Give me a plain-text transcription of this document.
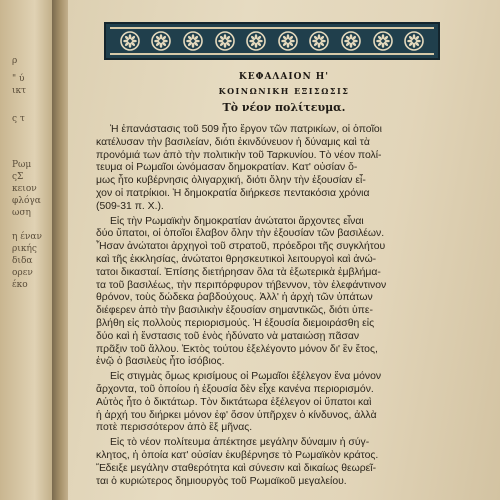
ρ
" ύ
ικτ
ς τ
Ρωμ
ςΣ
κειον
φλόγα
ωση
η έναν
ρικής
διδα
ορεν
έκο
ΚΕΦΑΛΑΙΟΝ Η'
ΚΟΙΝΩΝΙΚΗ ΕΞΙΣΩΣΙΣ
Τὸ νέον πολίτευμα.
Ἡ ἐπανάστασις τοῦ 509 ἦτο ἔργον τῶν πατρικίων, οἱ ὁποῖοι
κατέλυσαν τὴν βασιλείαν, διότι ἐκινδύνευον ἡ δύναμις καὶ τὰ
προνόμιά των ἀπὸ τὴν πολιτικὴν τοῦ Ταρκυνίου. Τὸ νέον πολί-
τευμα οἱ Ρωμαῖοι ὠνόμασαν δημοκρατίαν. Κατ' οὐσίαν ὅ-
μως ἦτο κυβέρνησις ὀλιγαρχική, διότι ὅλην τὴν ἐξουσίαν εἶ-
χον οἱ πατρίκιοι. Ἡ δημοκρατία διήρκεσε πεντακόσια χρόνια
(509-31 π. Χ.).
Εἰς τὴν Ρωμαϊκὴν δημοκρατίαν ἀνώτατοι ἄρχοντες εἶναι
δύο ὕπατοι, οἱ ὁποῖοι ἔλαβον ὅλην τὴν ἐξουσίαν τῶν βασιλέων.
Ἦσαν ἀνώτατοι ἀρχηγοὶ τοῦ στρατοῦ, πρόεδροι τῆς συγκλήτου
καὶ τῆς ἐκκλησίας, ἀνώτατοι θρησκευτικοὶ λειτουργοὶ καὶ ἀνώ-
τατοι δικασταί. Ἐπίσης διετήρησαν ὅλα τὰ ἐξωτερικὰ ἐμβλήμα-
τα τοῦ βασιλέως, τὴν περιπόρφυρον τήβεννον, τὸν ἐλεφάντινον
θρόνον, τοὺς δώδεκα ῥαβδούχους. Ἀλλ' ἡ ἀρχὴ τῶν ὑπάτων
διέφερεν ἀπὸ τὴν βασιλικὴν ἐξουσίαν σημαντικῶς, διότι ὑπε-
βλήθη εἰς πολλοὺς περιορισμούς. Ἡ ἐξουσία διεμοιράσθη εἰς
δύο καὶ ἡ ἔνστασις τοῦ ἑνὸς ἠδύνατο νὰ ματαιώσῃ πᾶσαν
πρᾶξιν τοῦ ἄλλου. Ἐκτὸς τούτου ἐξελέγοντο μόνον δι' ἓν ἔτος,
ἐνῷ ὁ βασιλεὺς ἦτο ἰσόβιος.
Εἰς στιγμὰς ὅμως κρισίμους οἱ Ρωμαῖοι ἐξέλεγον ἕνα μόνον
ἄρχοντα, τοῦ ὁποίου ἡ ἐξουσία δὲν εἶχε κανένα περιορισμόν.
Αὐτὸς ἦτο ὁ δικτάτωρ. Τὸν δικτάτωρα ἐξέλεγον οἱ ὕπατοι καὶ
ἡ ἀρχή του διήρκει μόνον ἐφ' ὅσον ὑπῆρχεν ὁ κίνδυνος, ἀλλὰ
ποτὲ περισσότερον ἀπὸ ἓξ μῆνας.
Εἰς τὸ νέον πολίτευμα ἀπέκτησε μεγάλην δύναμιν ἡ σύγ-
κλητος, ἡ ὁποία κατ' οὐσίαν ἐκυβέρνησε τὸ Ρωμαϊκὸν κράτος.
Ἔδειξε μεγάλην σταθερότητα καὶ σύνεσιν καὶ δικαίως θεωρεῖ-
ται ὁ κυριώτερος δημιουργὸς τοῦ Ρωμαϊκοῦ μεγαλείου.
